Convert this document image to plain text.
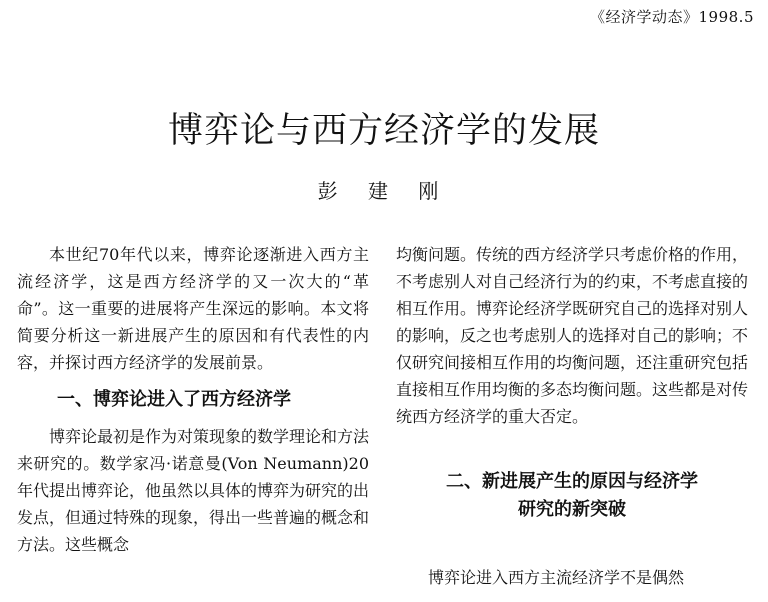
《经济学动态》1998.5
博弈论与西方经济学的发展
彭 建 刚

本世纪70年代以来，博弈论逐渐进入西方主流经济学，这是西方经济学的又一次大的“革命”。这一重要的进展将产生深远的影响。本文将简要分析这一新进展产生的原因和有代表性的内容，并探讨西方经济学的发展前景。

一、博弈论进入了西方经济学

博弈论最初是作为对策现象的数学理论和方法来研究的。数学家冯·诺意曼(Von Neumann)20年代提出博弈论，他虽然以具体的博弈为研究的出发点，但通过特殊的现象，得出一些普遍的概念和方法。这些概念

均衡问题。传统的西方经济学只考虑价格的作用，不考虑别人对自己经济行为的约束，不考虑直接的相互作用。博弈论经济学既研究自己的选择对别人的影响，反之也考虑别人的选择对自己的影响；不仅研究间接相互作用的均衡问题，还注重研究包括直接相互作用均衡的多态均衡问题。这些都是对传统西方经济学的重大否定。

二、新进展产生的原因与经济学
研究的新突破

博弈论进入西方主流经济学不是偶然
